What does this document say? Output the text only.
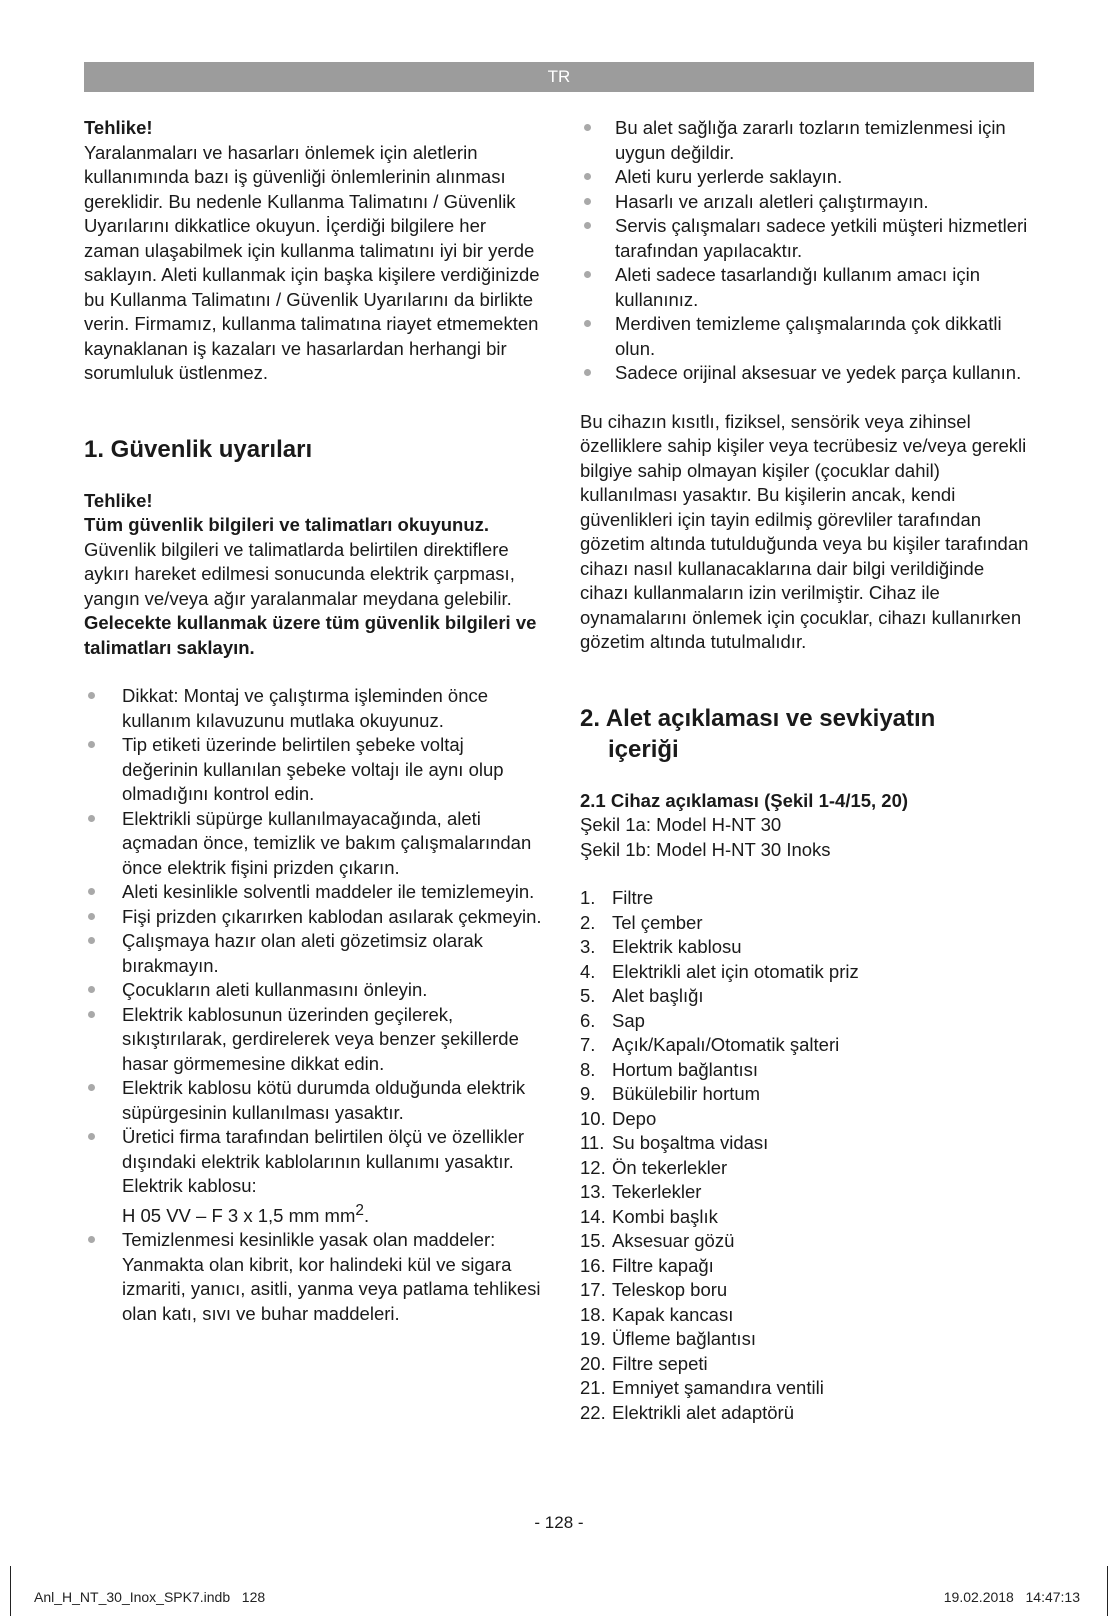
TR

Tehlike!

Yaralanmaları ve hasarları önlemek için aletlerin kullanımında bazı iş güvenliği önlemlerinin alınması gereklidir. Bu nedenle Kullanma Talimatını / Güvenlik Uyarılarını dikkatlice okuyun. İçerdiği bilgilere her zaman ulaşabilmek için kullanma talimatını iyi bir yerde saklayın. Aleti kullanmak için başka kişilere verdiğinizde bu Kullanma Talimatını / Güvenlik Uyarılarını da birlikte verin. Firmamız, kullanma talimatına riayet etmemekten kaynaklanan iş kazaları ve hasarlardan herhangi bir sorumluluk üstlenmez.

1. Güvenlik uyarıları

Tehlike!

Tüm güvenlik bilgileri ve talimatları okuyunuz. Güvenlik bilgileri ve talimatlarda belirtilen direktiflere aykırı hareket edilmesi sonucunda elektrik çarpması, yangın ve/veya ağır yaralanmalar meydana gelebilir. Gelecekte kullanmak üzere tüm güvenlik bilgileri ve talimatları saklayın.

Dikkat: Montaj ve çalıştırma işleminden önce kullanım kılavuzunu mutlaka okuyunuz.
Tip etiketi üzerinde belirtilen şebeke voltaj değerinin kullanılan şebeke voltajı ile aynı olup olmadığını kontrol edin.
Elektrikli süpürge kullanılmayacağında, aleti açmadan önce, temizlik ve bakım çalışmalarından önce elektrik fişini prizden çıkarın.
Aleti kesinlikle solventli maddeler ile temizlemeyin.
Fişi prizden çıkarırken kablodan asılarak çekmeyin.
Çalışmaya hazır olan aleti gözetimsiz olarak bırakmayın.
Çocukların aleti kullanmasını önleyin.
Elektrik kablosunun üzerinden geçilerek, sıkıştırılarak, gerdirelerek veya benzer şekillerde hasar görmemesine dikkat edin.
Elektrik kablosu kötü durumda olduğunda elektrik süpürgesinin kullanılması yasaktır.
Üretici firma tarafından belirtilen ölçü ve özellikler dışındaki elektrik kablolarının kullanımı yasaktır. Elektrik kablosu:
H 05 VV – F 3 x 1,5 mm $mm^2$.
Temizlenmesi kesinlikle yasak olan maddeler: Yanmakta olan kibrit, kor halindeki kül ve sigara izmariti, yanıcı, asitli, yanma veya patlama tehlikesi olan katı, sıvı ve buhar maddeleri.
Bu alet sağlığa zararlı tozların temizlenmesi için uygun değildir.
Aleti kuru yerlerde saklayın.
Hasarlı ve arızalı aletleri çalıştırmayın.
Servis çalışmaları sadece yetkili müşteri hizmetleri tarafından yapılacaktır.
Aleti sadece tasarlandığı kullanım amacı için kullanınız.
Merdiven temizleme çalışmalarında çok dikkatli olun.
Sadece orijinal aksesuar ve yedek parça kullanın.

Bu cihazın kısıtlı, fiziksel, sensörik veya zihinsel özelliklere sahip kişiler veya tecrübesiz ve/veya gerekli bilgiye sahip olmayan kişiler (çocuklar dahil) kullanılması yasaktır. Bu kişilerin ancak, kendi güvenlikleri için tayin edilmiş görevliler tarafından gözetim altında tutulduğunda veya bu kişiler tarafından cihazı nasıl kullanacaklarına dair bilgi verildiğinde cihazı kullanmaların izin verilmiştir. Cihaz ile oynamalarını önlemek için çocuklar, cihazı kullanırken gözetim altında tutulmalıdır.

2. Alet açıklaması ve sevkiyatın
içeriği

2.1 Cihaz açıklaması (Şekil 1-4/15, 20)

Şekil 1a: Model H-NT 30

Şekil 1b: Model H-NT 30 Inoks

1. Filtre
2. Tel çember
3. Elektrik kablosu
4. Elektrikli alet için otomatik priz
5. Alet başlığı
6. Sap
7. Açık/Kapalı/Otomatik şalteri
8. Hortum bağlantısı
9. Bükülebilir hortum
10. Depo
11. Su boşaltma vidası
12. Ön tekerlekler
13. Tekerlekler
14. Kombi başlık
15. Aksesuar gözü
16. Filtre kapağı
17. Teleskop boru
18. Kapak kancası
19. Üfleme bağlantısı
20. Filtre sepeti
21. Emniyet şamandıra ventili
22. Elektrikli alet adaptörü
- 128 -
Anl_H_NT_30_Inox_SPK7.indb   128	19.02.2018   14:47:13
